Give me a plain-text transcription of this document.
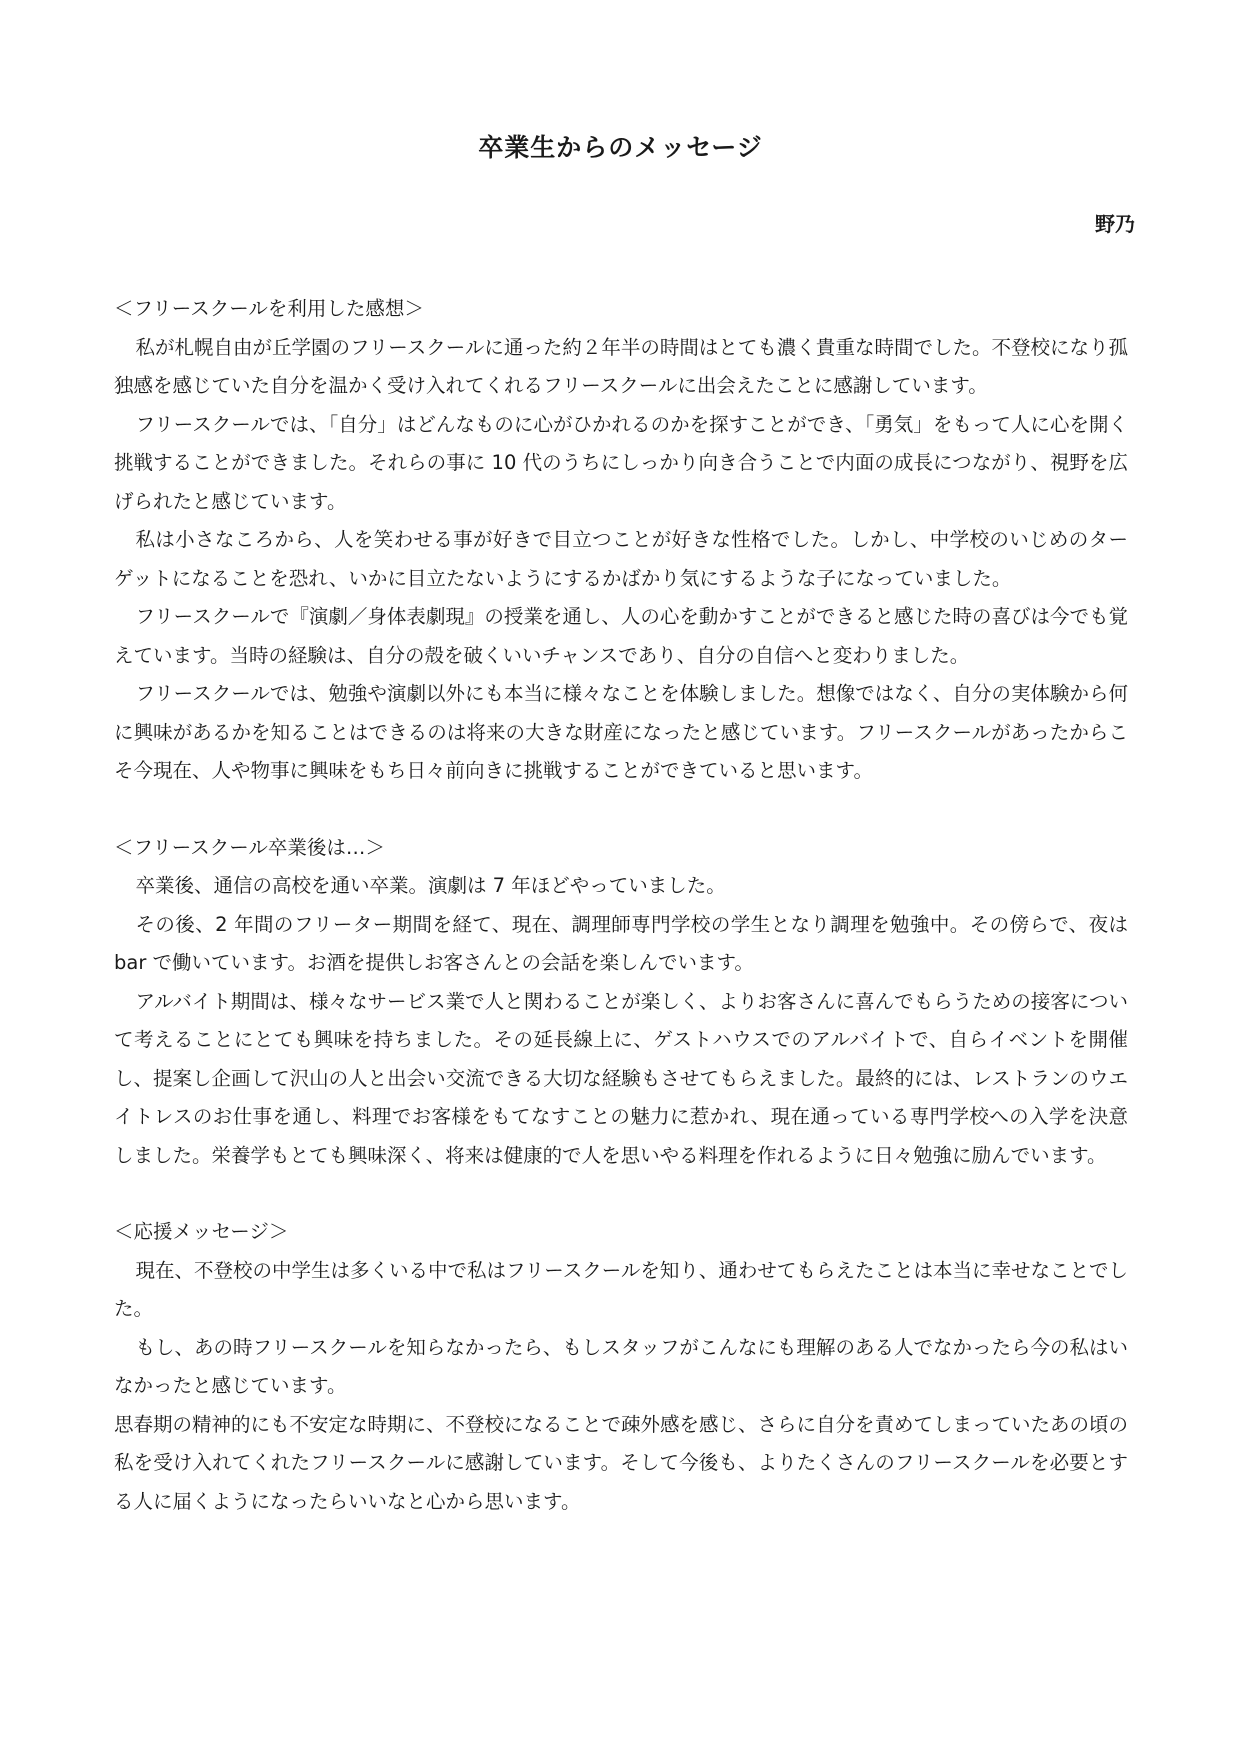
卒業生からのメッセージ

野乃

＜フリースクールを利用した感想＞

私が札幌自由が丘学園のフリースクールに通った約２年半の時間はとても濃く貴重な時間でした。不登校になり孤独感を感じていた自分を温かく受け入れてくれるフリースクールに出会えたことに感謝しています。

フリースクールでは、「自分」はどんなものに心がひかれるのかを探すことができ、「勇気」をもって人に心を開く挑戦することができました。それらの事に 10 代のうちにしっかり向き合うことで内面の成長につながり、視野を広げられたと感じています。

私は小さなころから、人を笑わせる事が好きで目立つことが好きな性格でした。しかし、中学校のいじめのターゲットになることを恐れ、いかに目立たないようにするかばかり気にするような子になっていました。

フリースクールで『演劇／身体表劇現』の授業を通し、人の心を動かすことができると感じた時の喜びは今でも覚えています。当時の経験は、自分の殻を破くいいチャンスであり、自分の自信へと変わりました。

フリースクールでは、勉強や演劇以外にも本当に様々なことを体験しました。想像ではなく、自分の実体験から何に興味があるかを知ることはできるのは将来の大きな財産になったと感じています。フリースクールがあったからこそ今現在、人や物事に興味をもち日々前向きに挑戦することができていると思います。

＜フリースクール卒業後は…＞

卒業後、通信の高校を通い卒業。演劇は 7 年ほどやっていました。

その後、2 年間のフリーター期間を経て、現在、調理師専門学校の学生となり調理を勉強中。その傍らで、夜は bar で働いています。お酒を提供しお客さんとの会話を楽しんでいます。

アルバイト期間は、様々なサービス業で人と関わることが楽しく、よりお客さんに喜んでもらうための接客について考えることにとても興味を持ちました。その延長線上に、ゲストハウスでのアルバイトで、自らイベントを開催し、提案し企画して沢山の人と出会い交流できる大切な経験もさせてもらえました。最終的には、レストランのウエイトレスのお仕事を通し、料理でお客様をもてなすことの魅力に惹かれ、現在通っている専門学校への入学を決意しました。栄養学もとても興味深く、将来は健康的で人を思いやる料理を作れるように日々勉強に励んでいます。

＜応援メッセージ＞

現在、不登校の中学生は多くいる中で私はフリースクールを知り、通わせてもらえたことは本当に幸せなことでした。

もし、あの時フリースクールを知らなかったら、もしスタッフがこんなにも理解のある人でなかったら今の私はいなかったと感じています。

思春期の精神的にも不安定な時期に、不登校になることで疎外感を感じ、さらに自分を責めてしまっていたあの頃の私を受け入れてくれたフリースクールに感謝しています。そして今後も、よりたくさんのフリースクールを必要とする人に届くようになったらいいなと心から思います。
